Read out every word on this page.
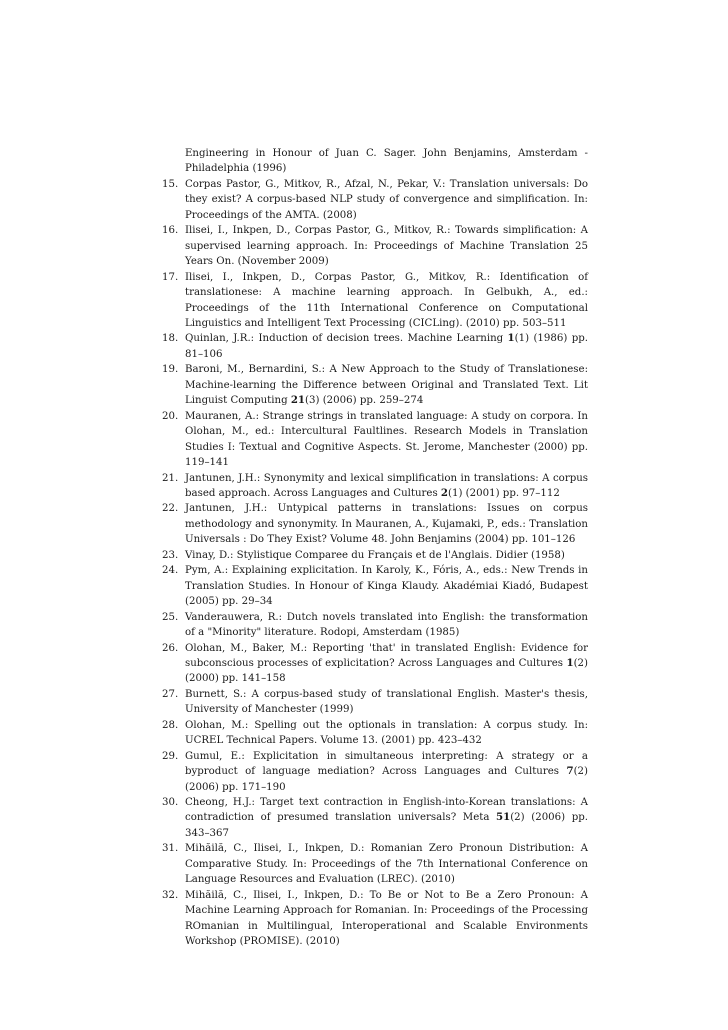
Engineering in Honour of Juan C. Sager. John Benjamins, Amsterdam - Philadelphia (1996)
15. Corpas Pastor, G., Mitkov, R., Afzal, N., Pekar, V.: Translation universals: Do they exist? A corpus-based NLP study of convergence and simplification. In: Proceedings of the AMTA. (2008)
16. Ilisei, I., Inkpen, D., Corpas Pastor, G., Mitkov, R.: Towards simplification: A supervised learning approach. In: Proceedings of Machine Translation 25 Years On. (November 2009)
17. Ilisei, I., Inkpen, D., Corpas Pastor, G., Mitkov, R.: Identification of translationese: A machine learning approach. In Gelbukh, A., ed.: Proceedings of the 11th International Conference on Computational Linguistics and Intelligent Text Processing (CICLing). (2010) pp. 503–511
18. Quinlan, J.R.: Induction of decision trees. Machine Learning 1(1) (1986) pp. 81–106
19. Baroni, M., Bernardini, S.: A New Approach to the Study of Translationese: Machine-learning the Difference between Original and Translated Text. Lit Linguist Computing 21(3) (2006) pp. 259–274
20. Mauranen, A.: Strange strings in translated language: A study on corpora. In Olohan, M., ed.: Intercultural Faultlines. Research Models in Translation Studies I: Textual and Cognitive Aspects. St. Jerome, Manchester (2000) pp. 119–141
21. Jantunen, J.H.: Synonymity and lexical simplification in translations: A corpus based approach. Across Languages and Cultures 2(1) (2001) pp. 97–112
22. Jantunen, J.H.: Untypical patterns in translations: Issues on corpus methodology and synonymity. In Mauranen, A., Kujamaki, P., eds.: Translation Universals : Do They Exist? Volume 48. John Benjamins (2004) pp. 101–126
23. Vinay, D.: Stylistique Comparee du Français et de l'Anglais. Didier (1958)
24. Pym, A.: Explaining explicitation. In Karoly, K., Fóris, A., eds.: New Trends in Translation Studies. In Honour of Kinga Klaudy. Akadémiai Kiadó, Budapest (2005) pp. 29–34
25. Vanderauwera, R.: Dutch novels translated into English: the transformation of a "Minority" literature. Rodopi, Amsterdam (1985)
26. Olohan, M., Baker, M.: Reporting 'that' in translated English: Evidence for subconscious processes of explicitation? Across Languages and Cultures 1(2) (2000) pp. 141–158
27. Burnett, S.: A corpus-based study of translational English. Master's thesis, University of Manchester (1999)
28. Olohan, M.: Spelling out the optionals in translation: A corpus study. In: UCREL Technical Papers. Volume 13. (2001) pp. 423–432
29. Gumul, E.: Explicitation in simultaneous interpreting: A strategy or a byproduct of language mediation? Across Languages and Cultures 7(2) (2006) pp. 171–190
30. Cheong, H.J.: Target text contraction in English-into-Korean translations: A contradiction of presumed translation universals? Meta 51(2) (2006) pp. 343–367
31. Mihăilă, C., Ilisei, I., Inkpen, D.: Romanian Zero Pronoun Distribution: A Comparative Study. In: Proceedings of the 7th International Conference on Language Resources and Evaluation (LREC). (2010)
32. Mihăilă, C., Ilisei, I., Inkpen, D.: To Be or Not to Be a Zero Pronoun: A Machine Learning Approach for Romanian. In: Proceedings of the Processing ROmanian in Multilingual, Interoperational and Scalable Environments Workshop (PROMISE). (2010)
